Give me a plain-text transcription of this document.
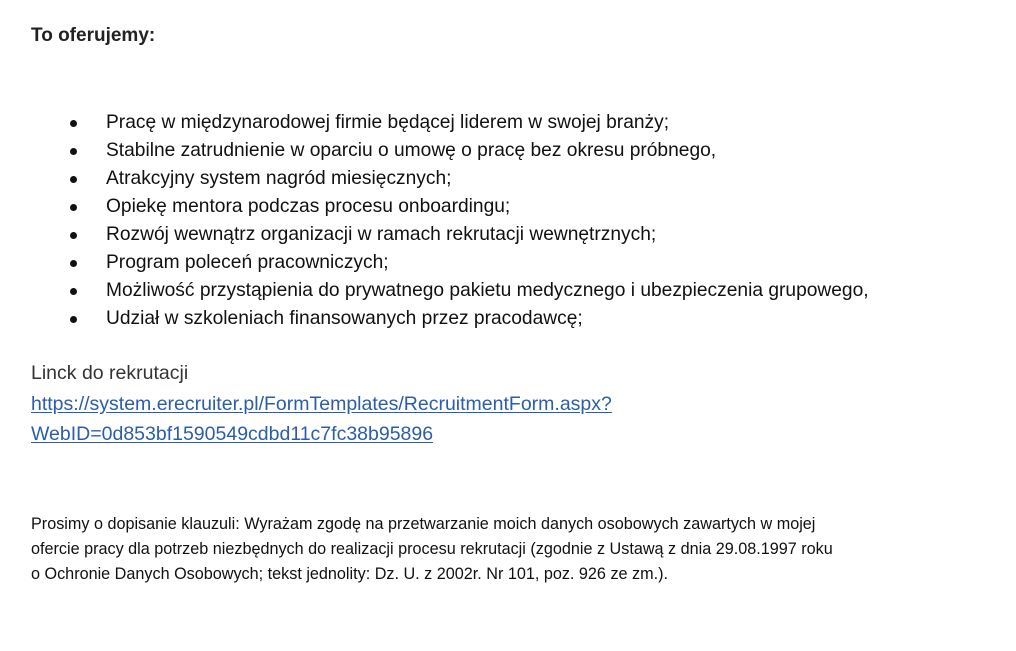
To oferujemy:
Pracę w międzynarodowej firmie będącej liderem w swojej branży;
Stabilne zatrudnienie w oparciu o umowę o pracę bez okresu próbnego,
Atrakcyjny system nagród miesięcznych;
Opiekę mentora podczas procesu onboardingu;
Rozwój wewnątrz organizacji w ramach rekrutacji wewnętrznych;
Program poleceń pracowniczych;
Możliwość przystąpienia do prywatnego pakietu medycznego i ubezpieczenia grupowego,
Udział w szkoleniach finansowanych przez pracodawcę;
Linck do rekrutacji
https://system.erecruiter.pl/FormTemplates/RecruitmentForm.aspx?
WebID=0d853bf1590549cdbd11c7fc38b95896
Prosimy o dopisanie klauzuli: Wyrażam zgodę na przetwarzanie moich danych osobowych zawartych w mojej
ofercie pracy dla potrzeb niezbędnych do realizacji procesu rekrutacji (zgodnie z Ustawą z dnia 29.08.1997 roku
o Ochronie Danych Osobowych; tekst jednolity: Dz. U. z 2002r. Nr 101, poz. 926 ze zm.).
